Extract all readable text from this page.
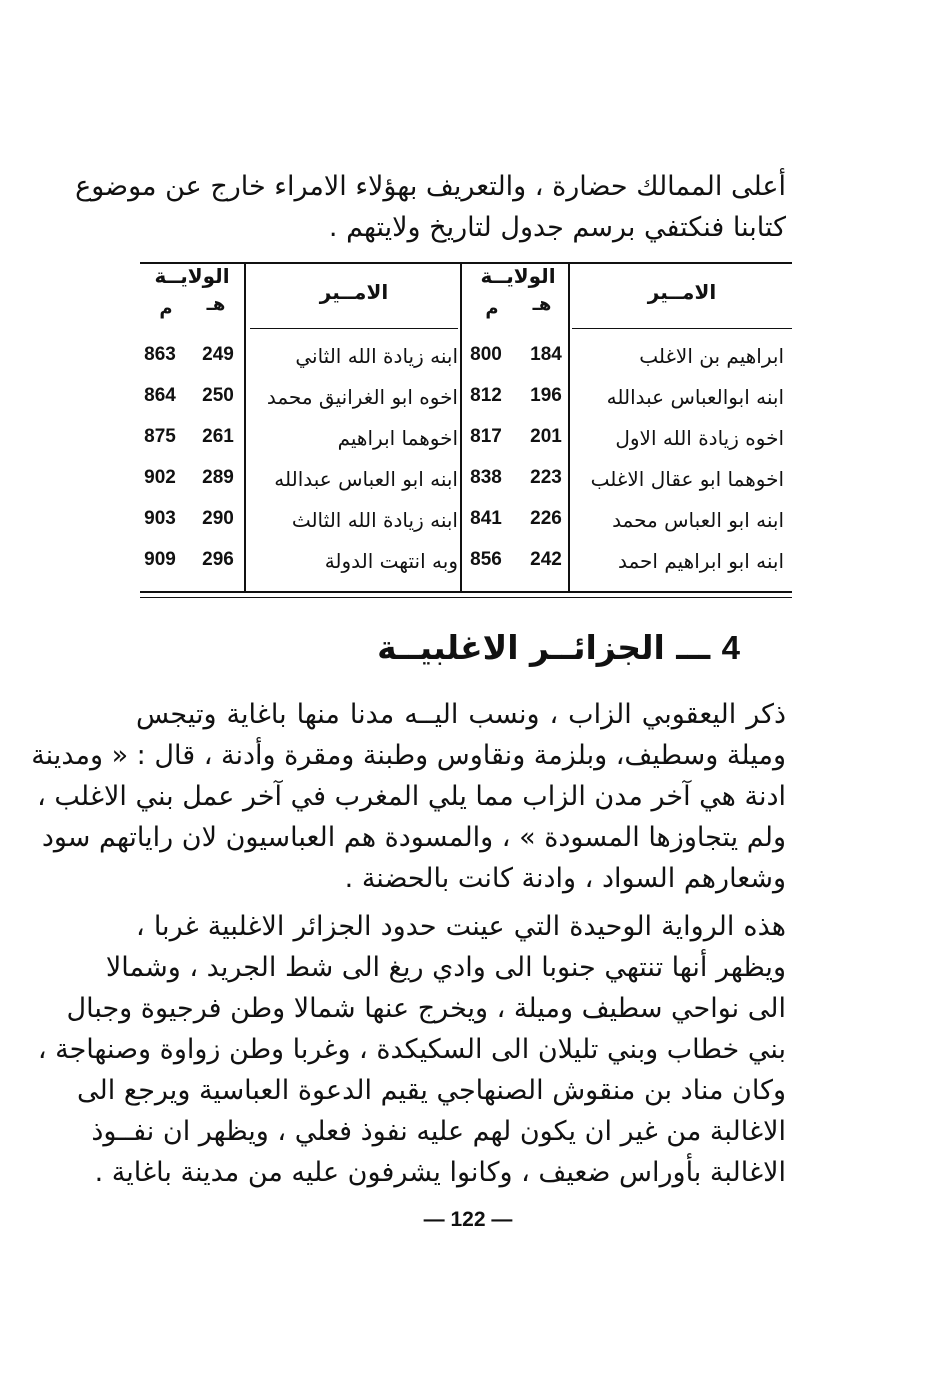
أعلى الممالك حضارة ، والتعريف بهؤلاء الامراء خارج عن موضوع
كتابنا فنكتفي برسم جدول لتاريخ ولايتهم .
الامــير
الولايــة
هـ
م
الامــير
الولايــة
هـ
م
ابراهيم بن الاغلب
184
800
ابنه ابوالعباس عبدالله
196
812
اخوه زيادة الله الاول
201
817
اخوهما ابو عقال الاغلب
223
838
ابنه ابو العباس محمد
226
841
ابنه ابو ابراهيم احمد
242
856
ابنه زيادة الله الثاني
249
863
اخوه ابو الغرانيق محمد
250
864
اخوهما ابراهيم
261
875
ابنه ابو العباس عبدالله
289
902
ابنه زيادة الله الثالث
290
903
وبه انتهت الدولة
296
909
4 ـــ الجزائــر الاغلبيــة
ذكر اليعقوبي الزاب ، ونسب اليــه مدنا منها باغاية وتيجس
وميلة وسطيف، وبلزمة ونقاوس وطبنة ومقرة وأدنة ، قال : « ومدينة
ادنة هي آخر مدن الزاب مما يلي المغرب في آخر عمل بني الاغلب ،
ولم يتجاوزها المسودة » ، والمسودة هم العباسيون لان راياتهم سود
وشعارهم السواد ، وادنة كانت بالحضنة .
هذه الرواية الوحيدة التي عينت حدود الجزائر الاغلبية غربا ،
ويظهر أنها تنتهي جنوبا الى وادي ريغ الى شط الجريد ، وشمالا
الى نواحي سطيف وميلة ، ويخرج عنها شمالا وطن فرجيوة وجبال
بني خطاب وبني تليلان الى السكيكدة ، وغربا وطن زواوة وصنهاجة ،
وكان مناد بن منقوش الصنهاجي يقيم الدعوة العباسية ويرجع الى
الاغالبة من غير ان يكون لهم عليه نفوذ فعلي ، ويظهر ان نفــوذ
الاغالبة بأوراس ضعيف ، وكانوا يشرفون عليه من مدينة باغاية .
— 122 —
